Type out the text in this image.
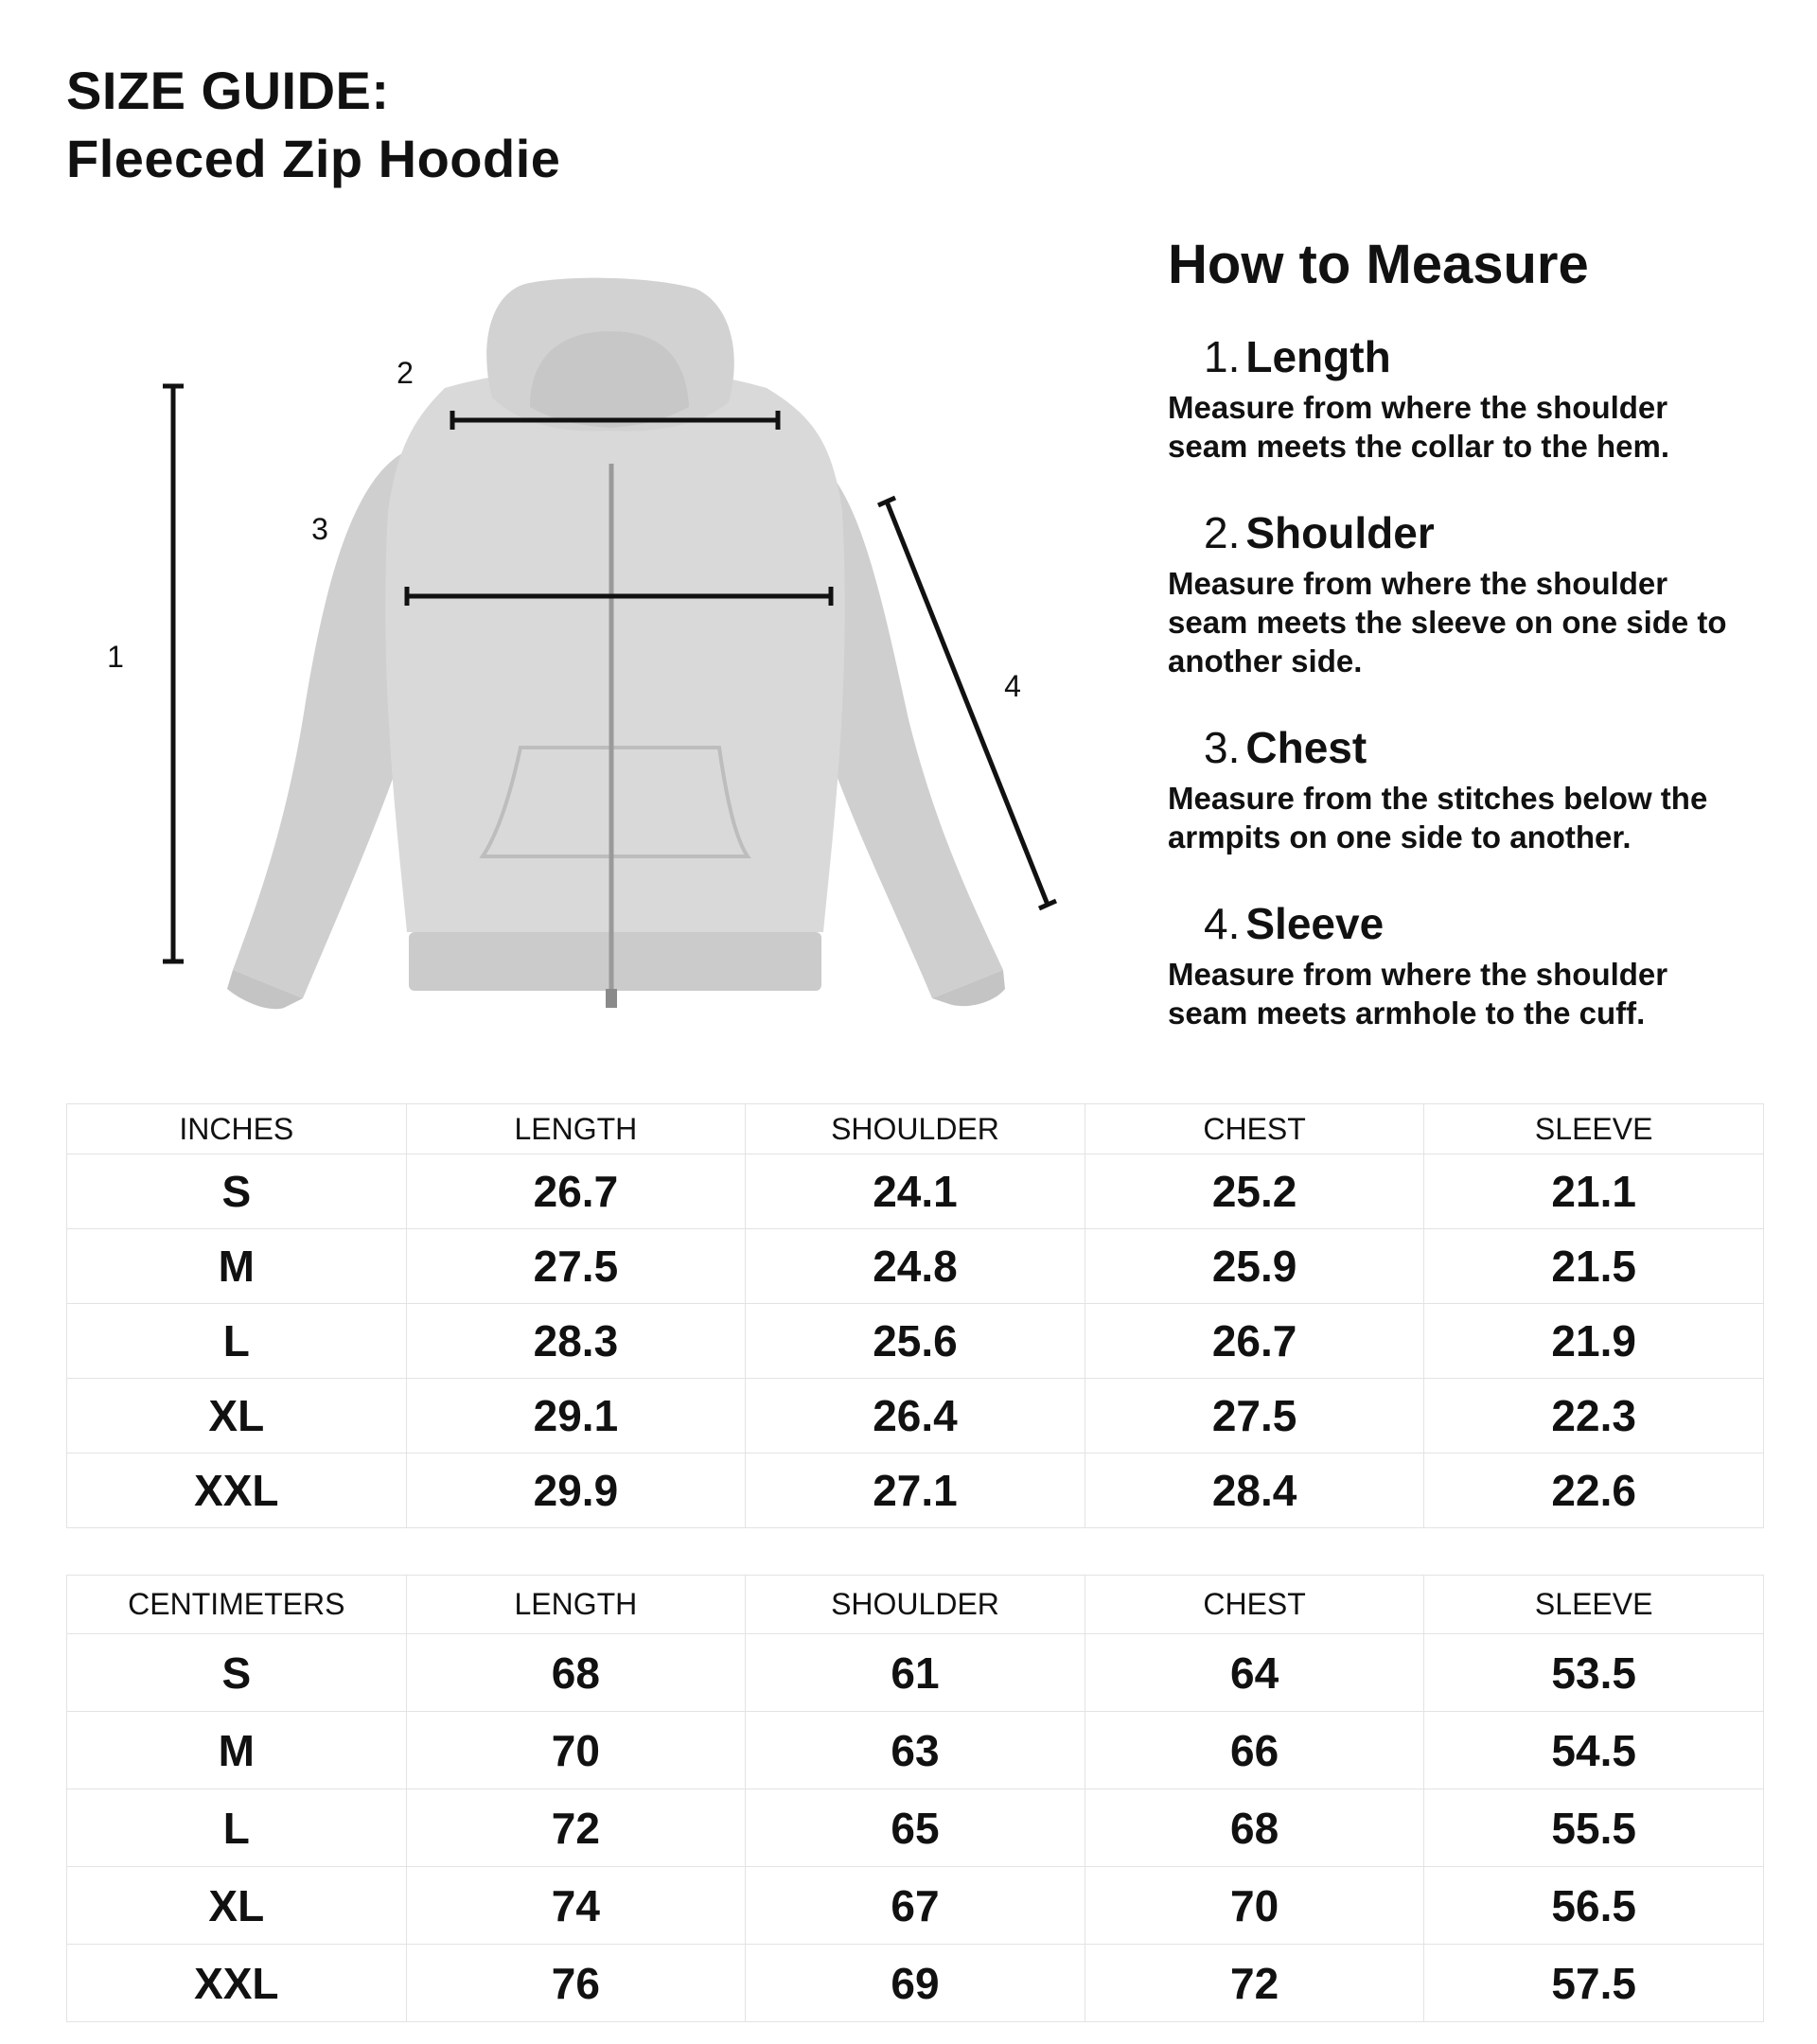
SIZE GUIDE:
Fleeced Zip Hoodie
1
2
3
4
How to Measure
1. Length
Measure from where the shoulder
seam meets the collar to the hem.
2. Shoulder
Measure from where the shoulder
seam meets the sleeve on one side to
another side.
3. Chest
Measure from the stitches below the
armpits on one side to another.
4. Sleeve
Measure from where the shoulder
seam meets armhole to the cuff.
INCHES	LENGTH	SHOULDER	CHEST	SLEEVE
S	26.7	24.1	25.2	21.1
M	27.5	24.8	25.9	21.5
L	28.3	25.6	26.7	21.9
XL	29.1	26.4	27.5	22.3
XXL	29.9	27.1	28.4	22.6
CENTIMETERS	LENGTH	SHOULDER	CHEST	SLEEVE
S	68	61	64	53.5
M	70	63	66	54.5
L	72	65	68	55.5
XL	74	67	70	56.5
XXL	76	69	72	57.5
